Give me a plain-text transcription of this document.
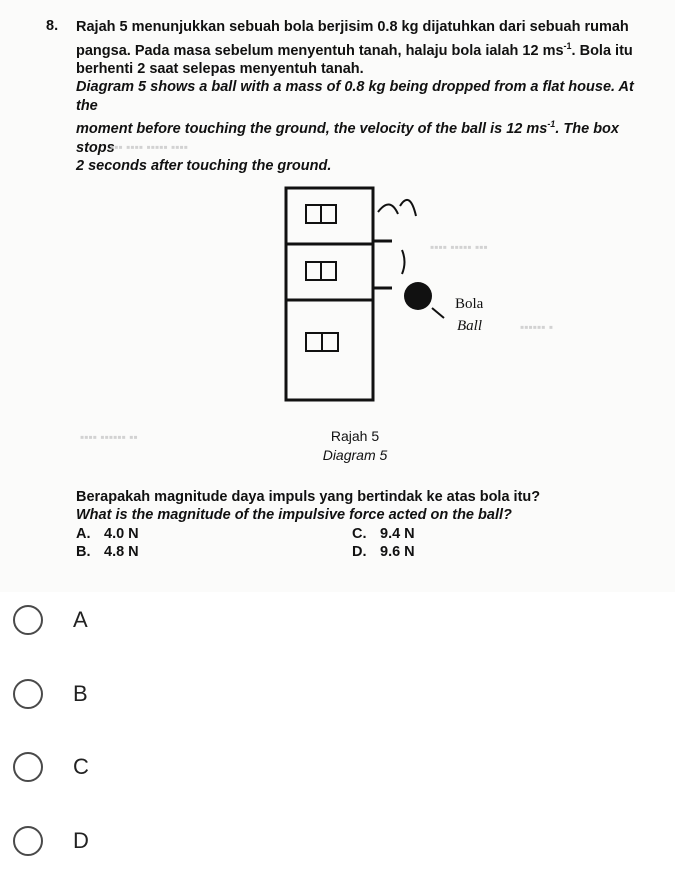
8. Rajah 5 menunjukkan sebuah bola berjisim 0.8 kg dijatuhkan dari sebuah rumah

pangsa. Pada masa sebelum menyentuh tanah, halaju bola ialah 12 $ms^{-1}$. Bola itu

berhenti 2 saat selepas menyentuh tanah.

Diagram 5 shows a ball with a mass of 0.8 kg being dropped from a flat house. At the

moment before touching the ground, the velocity of the ball is 12 $ms^{-1}$. The box stops

2 seconds after touching the ground.

▪▪▪ ▪▪▪▪ ▪▪▪▪▪ ▪▪▪▪
▪▪▪▪ ▪▪▪▪▪ ▪▪▪
▪▪▪▪▪▪ ▪
▪▪▪▪ ▪▪▪▪▪▪ ▪▪
Bola
Ball
Rajah 5
Diagram 5

Berapakah magnitude daya impuls yang bertindak ke atas bola itu?

What is the magnitude of the impulsive force acted on the ball?

A. 4.0 N
B. 4.8 N
C. 9.4 N
D. 9.6 N
A
B
C
D
